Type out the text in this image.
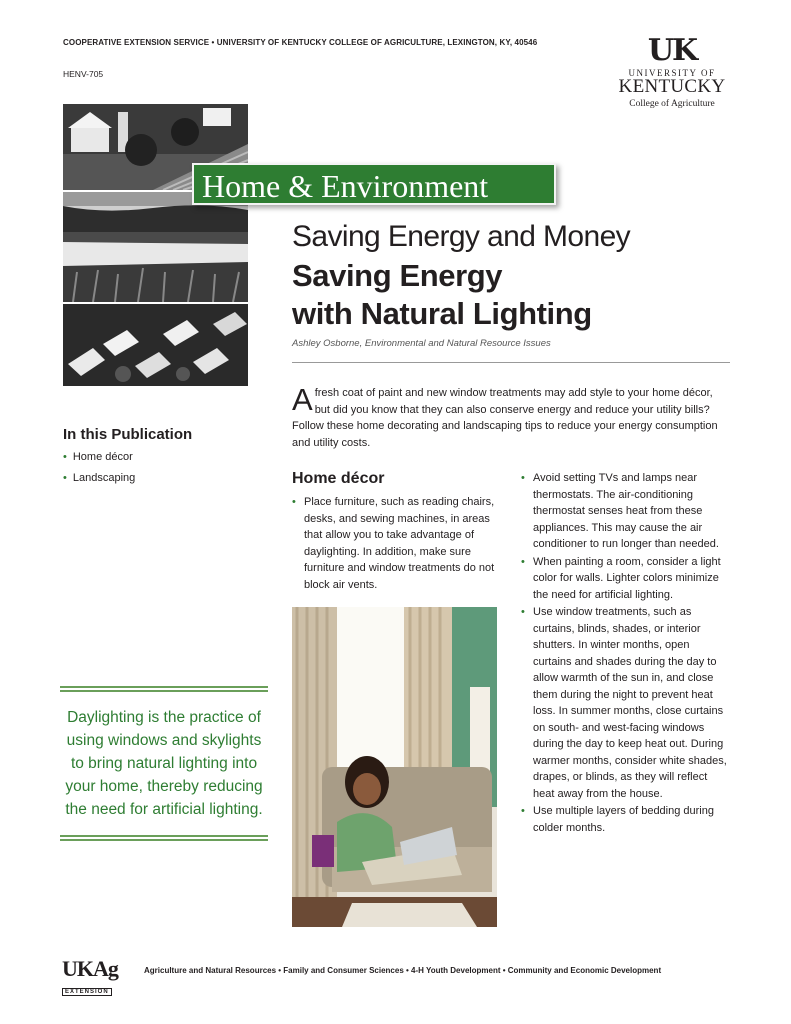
COOPERATIVE EXTENSION SERVICE • UNIVERSITY OF KENTUCKY COLLEGE OF AGRICULTURE, LEXINGTON, KY, 40546
HENV-705
UK
UNIVERSITY OF
KENTUCKY
College of Agriculture
Home & Environment
Saving Energy and Money
Saving Energy
with Natural Lighting
Ashley Osborne, Environmental and Natural Resource Issues
Afresh coat of paint and new window treatments may add style to your home décor, but did you know that they can also conserve energy and reduce your utility bills? Follow these home decorating and landscaping tips to reduce your energy consumption and utility costs.
In this Publication
• Home décor
• Landscaping	Home décor
• Place furniture, such as reading chairs, desks, and sewing machines, in areas that allow you to take advantage of daylighting. In addition, make sure furniture and window treatments do not block air vents.
• Avoid setting TVs and lamps near thermostats. The air-conditioning thermostat senses heat from these appliances. This may cause the air conditioner to run longer than needed.
• When painting a room, consider a light color for walls. Lighter colors minimize the need for artificial lighting.
• Use window treatments, such as curtains, blinds, shades, or interior shutters. In winter months, open curtains and shades during the day to allow warmth of the sun in, and close them during the night to prevent heat loss. In summer months, close curtains on south- and west-facing windows during the day to keep heat out. During warmer months, consider white shades, drapes, or blinds, as they will reflect heat away from the house.
• Use multiple layers of bedding during colder months.
Daylighting is the practice of using windows and skylights to bring natural lighting into your home, thereby reducing the need for artificial lighting.
UKAg
EXTENSION
Agriculture and Natural Resources • Family and Consumer Sciences • 4-H Youth Development • Community and Economic Development
